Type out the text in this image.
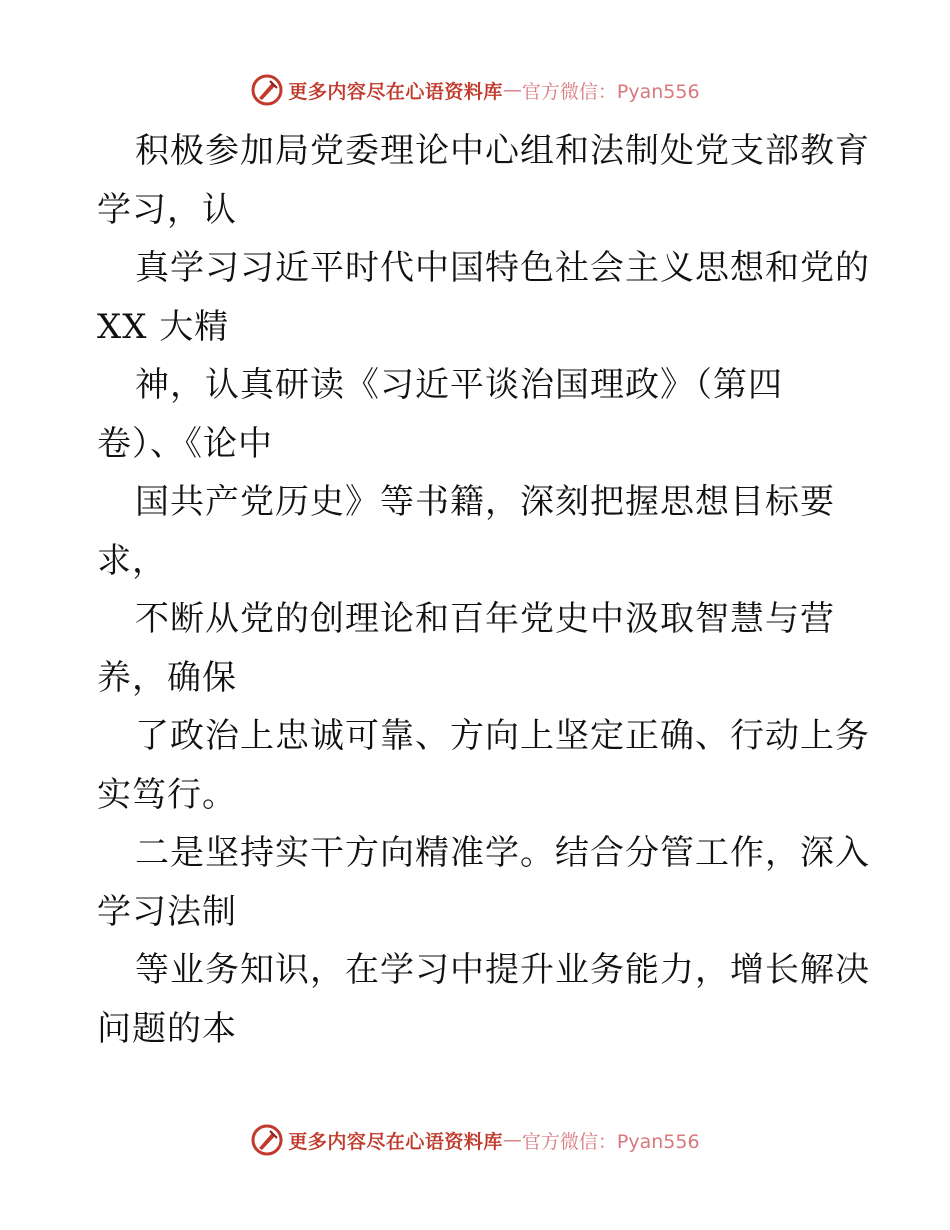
更多内容尽在心语资料库 — 官方微信：Pyan556
积极参加局党委理论中心组和法制处党支部教育
学习，认
真学习习近平时代中国特色社会主义思想和党的
XX 大精
神，认真研读《习近平谈治国理政》（第四
卷）、《论中
国共产党历史》等书籍，深刻把握思想目标要
求，
不断从党的创理论和百年党史中汲取智慧与营
养，确保
了政治上忠诚可靠、方向上坚定正确、行动上务
实笃行。
二是坚持实干方向精准学。结合分管工作，深入
学习法制
等业务知识，在学习中提升业务能力，增长解决
问题的本
更多内容尽在心语资料库 — 官方微信：Pyan556
